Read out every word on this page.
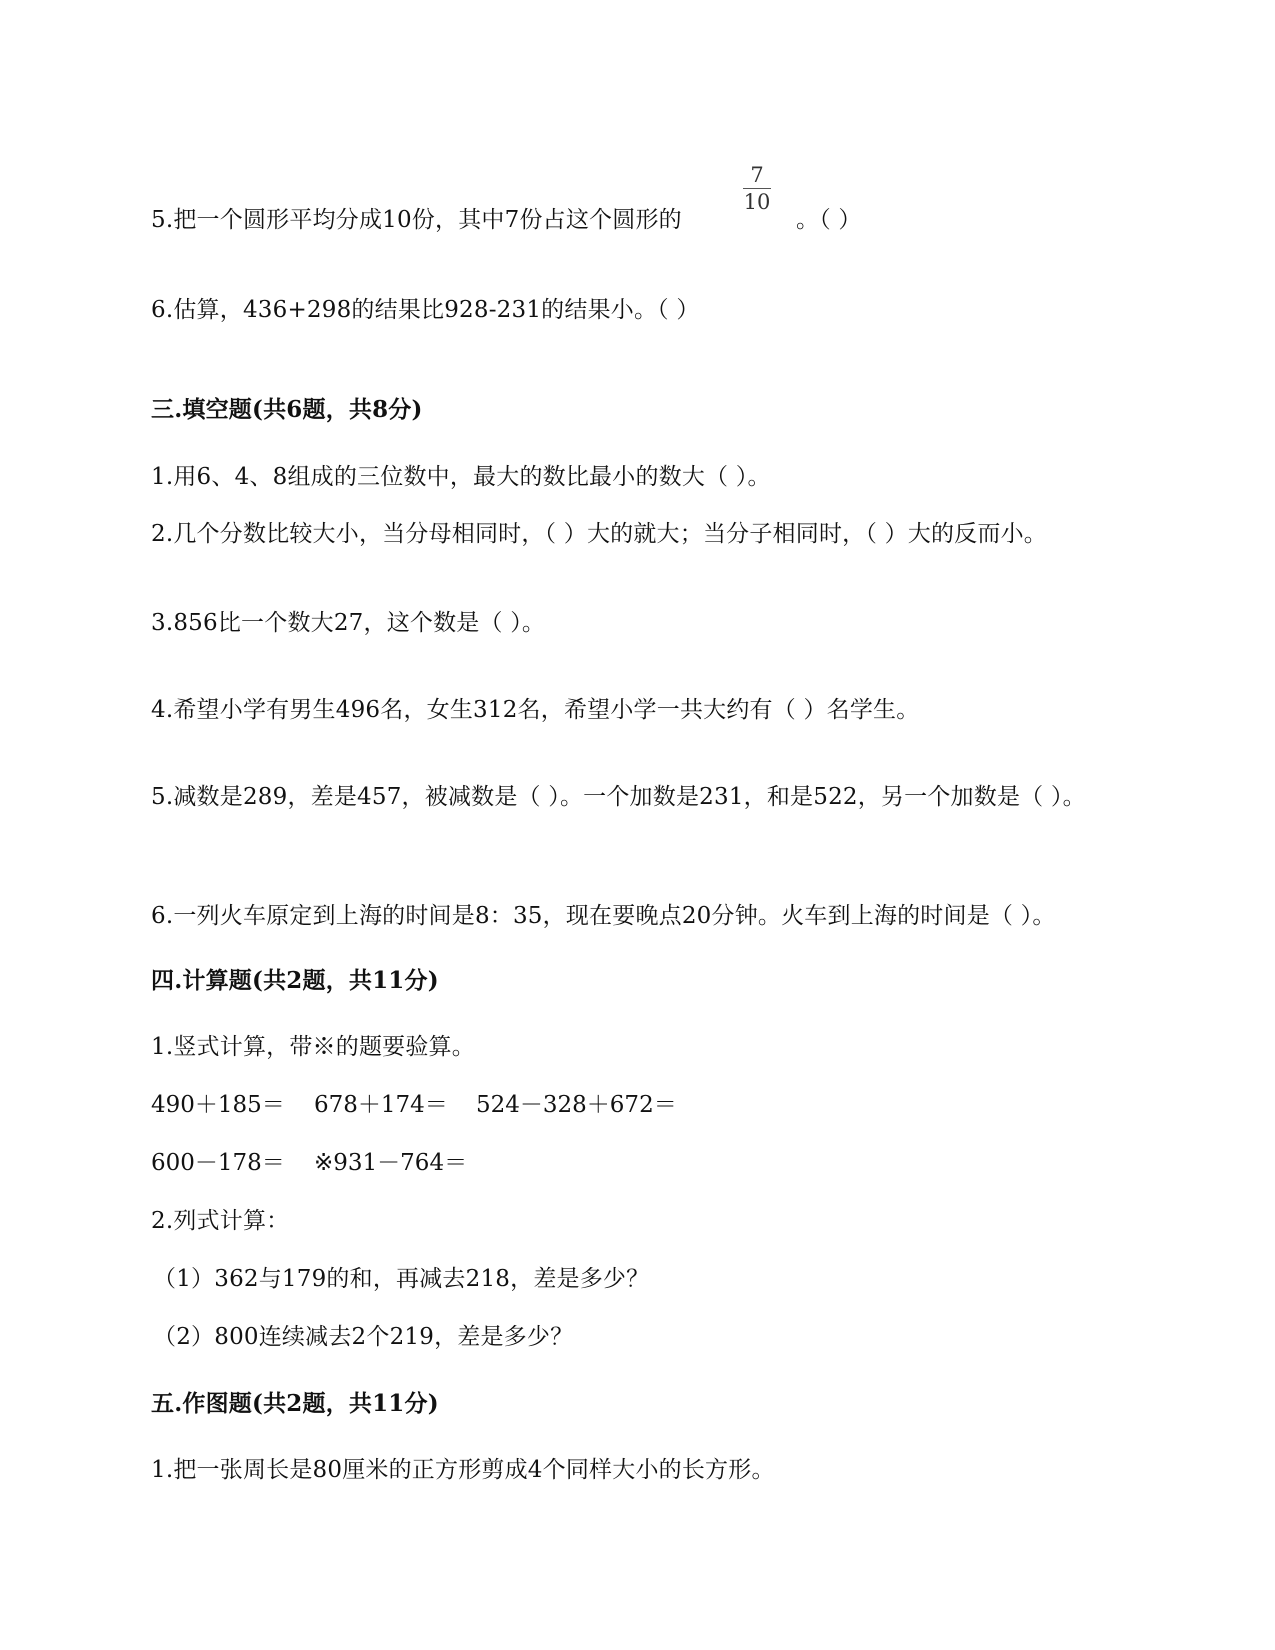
5.把一个圆形平均分成10份，其中7份占这个圆形的
7
10
。（ ）
6.估算，436+298的结果比928-231的结果小。（ ）
三.填空题(共6题，共8分)
1.用6、4、8组成的三位数中，最大的数比最小的数大（ ）。
2.几个分数比较大小，当分母相同时，（ ）大的就大；当分子相同时，（ ）大的反而小。
3.856比一个数大27，这个数是（ ）。
4.希望小学有男生496名，女生312名，希望小学一共大约有（ ）名学生。
5.减数是289，差是457，被减数是（ ）。一个加数是231，和是522，另一个加数是（ ）。
6.一列火车原定到上海的时间是8：35，现在要晚点20分钟。火车到上海的时间是（ ）。
四.计算题(共2题，共11分)
1.竖式计算，带※的题要验算。
490＋185＝ 678＋174＝ 524－328＋672＝
600－178＝ ※931－764＝
2.列式计算：
（1）362与179的和，再减去218，差是多少？
（2）800连续减去2个219，差是多少？
五.作图题(共2题，共11分)
1.把一张周长是80厘米的正方形剪成4个同样大小的长方形。
